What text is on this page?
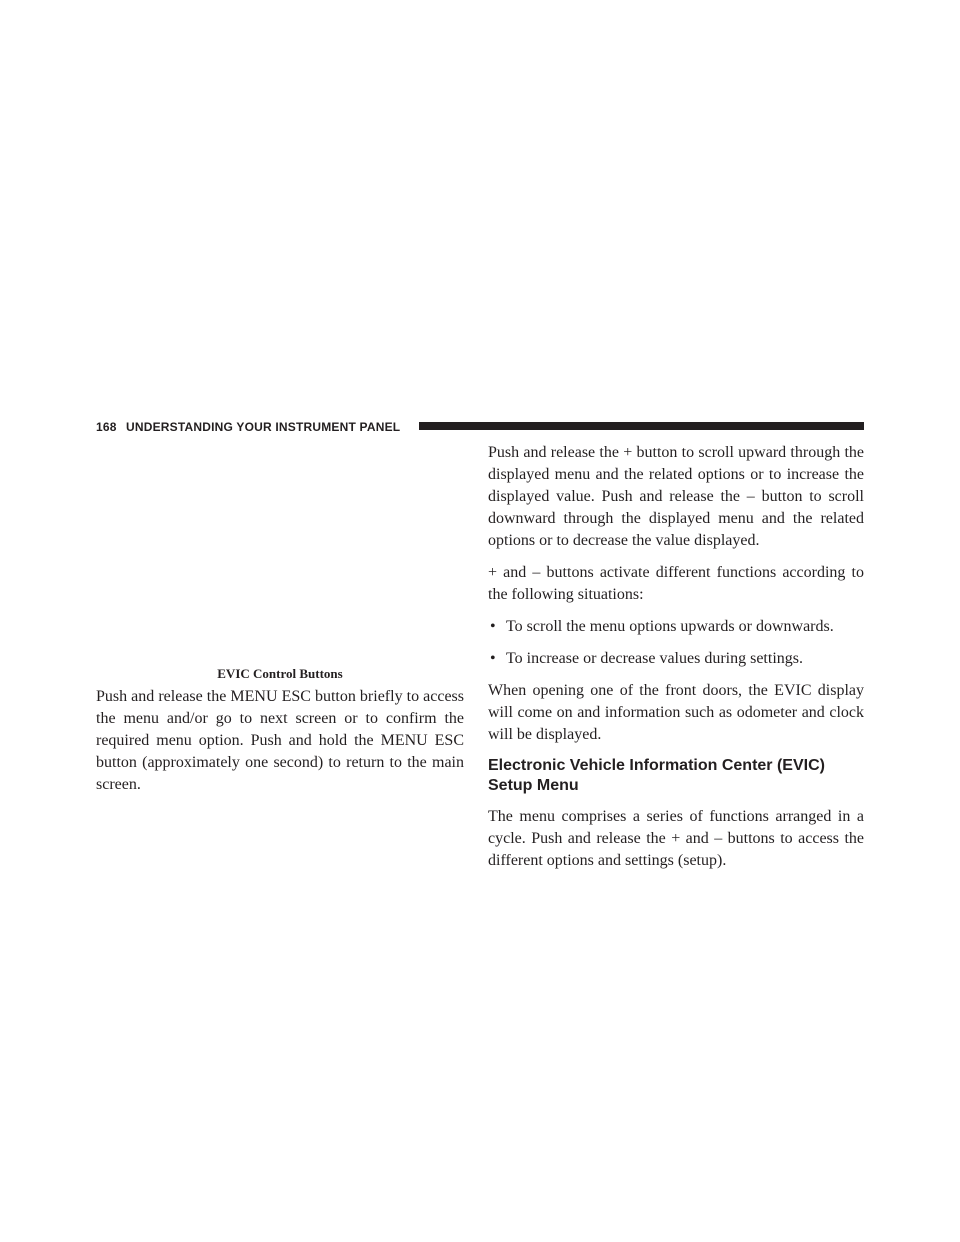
168 UNDERSTANDING YOUR INSTRUMENT PANEL
EVIC Control Buttons

Push and release the MENU ESC button briefly to access the menu and/or go to next screen or to confirm the required menu option. Push and hold the MENU ESC button (approximately one second) to return to the main screen.

Push and release the + button to scroll upward through the displayed menu and the related options or to increase the displayed value. Push and release the – button to scroll downward through the displayed menu and the related options or to decrease the value displayed.

+ and – buttons activate different functions according to the following situations:

• To scroll the menu options upwards or downwards.
• To increase or decrease values during settings.

When opening one of the front doors, the EVIC display will come on and information such as odometer and clock will be displayed.

Electronic Vehicle Information Center (EVIC) Setup Menu

The menu comprises a series of functions arranged in a cycle. Push and release the + and – buttons to access the different options and settings (setup).
